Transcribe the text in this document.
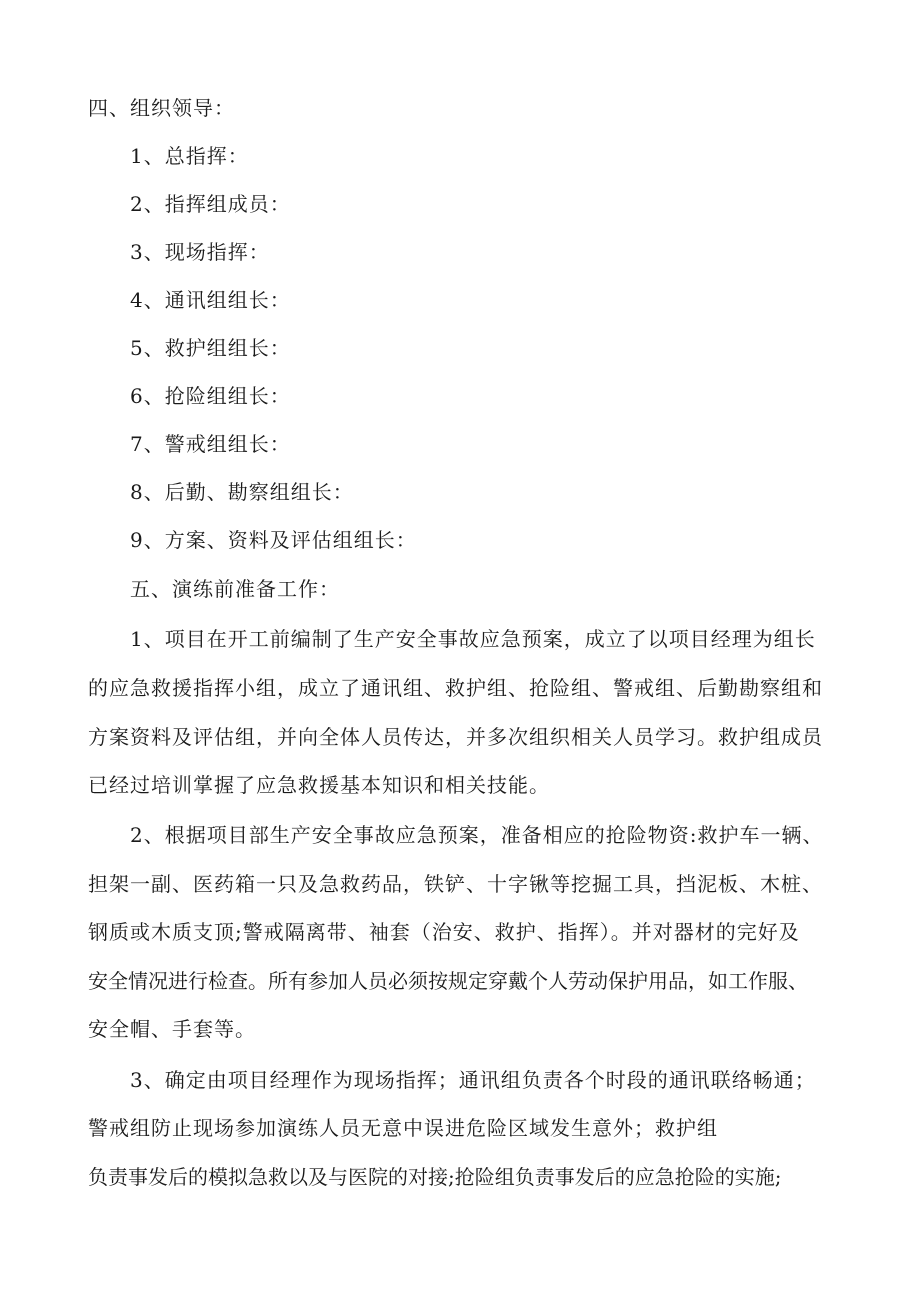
四、组织领导：
1、总指挥：
2、指挥组成员：
3、现场指挥：
4、通讯组组长：
5、救护组组长：
6、抢险组组长：
7、警戒组组长：
8、后勤、勘察组组长：
9、方案、资料及评估组组长：
五、演练前准备工作：
1、项目在开工前编制了生产安全事故应急预案，成立了以项目经理为组长
的应急救援指挥小组，成立了通讯组、救护组、抢险组、警戒组、后勤勘察组和
方案资料及评估组，并向全体人员传达，并多次组织相关人员学习。救护组成员
已经过培训掌握了应急救援基本知识和相关技能。
2、根据项目部生产安全事故应急预案，准备相应的抢险物资:救护车一辆、
担架一副、医药箱一只及急救药品，铁铲、十字锹等挖掘工具，挡泥板、木桩、
钢质或木质支顶;警戒隔离带、袖套（治安、救护、指挥）。并对器材的完好及
安全情况进行检查。所有参加人员必须按规定穿戴个人劳动保护用品，如工作服、
安全帽、手套等。
3、确定由项目经理作为现场指挥；通讯组负责各个时段的通讯联络畅通；
警戒组防止现场参加演练人员无意中误进危险区域发生意外；救护组
负责事发后的模拟急救以及与医院的对接;抢险组负责事发后的应急抢险的实施;
